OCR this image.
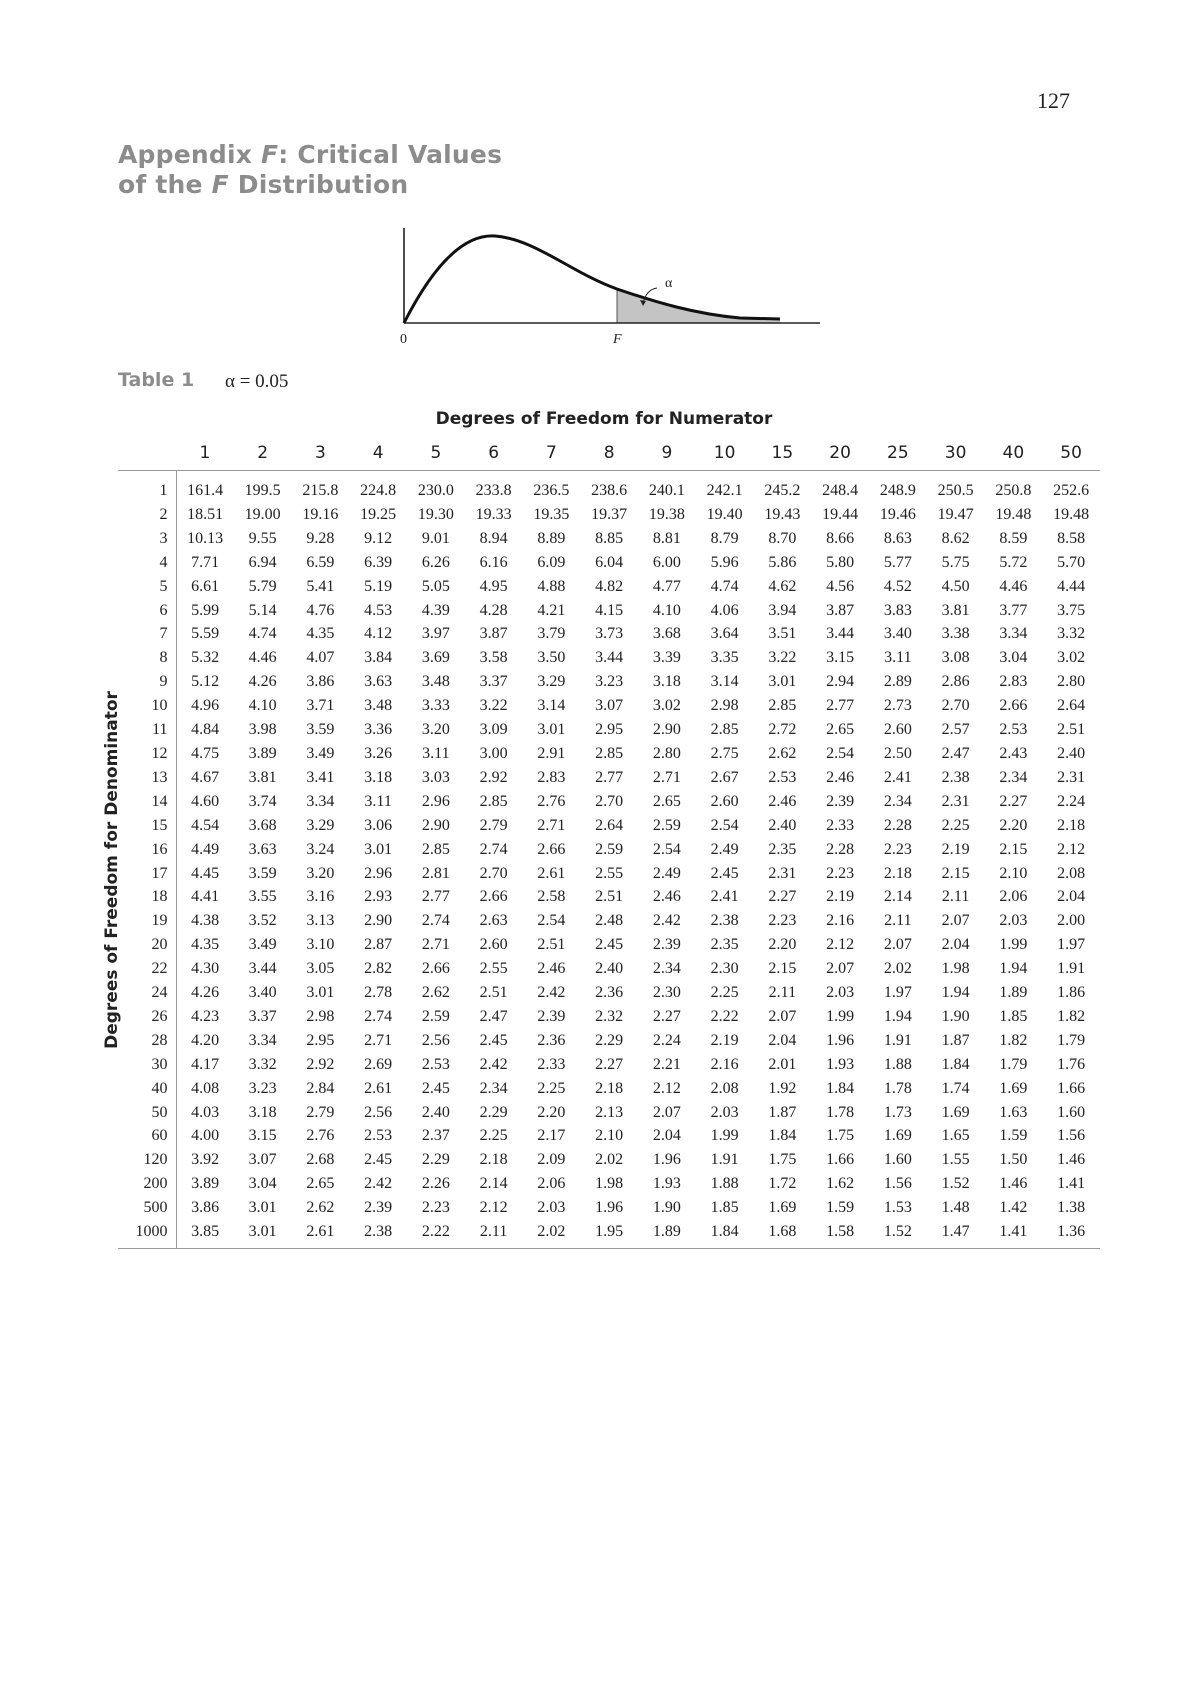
127
Appendix F: Critical Values
of the F Distribution
α
0	F
Table 1 α = 0.05
Degrees of Freedom for Numerator
Degrees of Freedom for Denominator
	1	2	3	4	5	6	7	8	9	10	15	20	25	30	40	50
1	161.4	199.5	215.8	224.8	230.0	233.8	236.5	238.6	240.1	242.1	245.2	248.4	248.9	250.5	250.8	252.6
2	18.51	19.00	19.16	19.25	19.30	19.33	19.35	19.37	19.38	19.40	19.43	19.44	19.46	19.47	19.48	19.48
3	10.13	9.55	9.28	9.12	9.01	8.94	8.89	8.85	8.81	8.79	8.70	8.66	8.63	8.62	8.59	8.58
4	7.71	6.94	6.59	6.39	6.26	6.16	6.09	6.04	6.00	5.96	5.86	5.80	5.77	5.75	5.72	5.70
5	6.61	5.79	5.41	5.19	5.05	4.95	4.88	4.82	4.77	4.74	4.62	4.56	4.52	4.50	4.46	4.44
6	5.99	5.14	4.76	4.53	4.39	4.28	4.21	4.15	4.10	4.06	3.94	3.87	3.83	3.81	3.77	3.75
7	5.59	4.74	4.35	4.12	3.97	3.87	3.79	3.73	3.68	3.64	3.51	3.44	3.40	3.38	3.34	3.32
8	5.32	4.46	4.07	3.84	3.69	3.58	3.50	3.44	3.39	3.35	3.22	3.15	3.11	3.08	3.04	3.02
9	5.12	4.26	3.86	3.63	3.48	3.37	3.29	3.23	3.18	3.14	3.01	2.94	2.89	2.86	2.83	2.80
10	4.96	4.10	3.71	3.48	3.33	3.22	3.14	3.07	3.02	2.98	2.85	2.77	2.73	2.70	2.66	2.64
11	4.84	3.98	3.59	3.36	3.20	3.09	3.01	2.95	2.90	2.85	2.72	2.65	2.60	2.57	2.53	2.51
12	4.75	3.89	3.49	3.26	3.11	3.00	2.91	2.85	2.80	2.75	2.62	2.54	2.50	2.47	2.43	2.40
13	4.67	3.81	3.41	3.18	3.03	2.92	2.83	2.77	2.71	2.67	2.53	2.46	2.41	2.38	2.34	2.31
14	4.60	3.74	3.34	3.11	2.96	2.85	2.76	2.70	2.65	2.60	2.46	2.39	2.34	2.31	2.27	2.24
15	4.54	3.68	3.29	3.06	2.90	2.79	2.71	2.64	2.59	2.54	2.40	2.33	2.28	2.25	2.20	2.18
16	4.49	3.63	3.24	3.01	2.85	2.74	2.66	2.59	2.54	2.49	2.35	2.28	2.23	2.19	2.15	2.12
17	4.45	3.59	3.20	2.96	2.81	2.70	2.61	2.55	2.49	2.45	2.31	2.23	2.18	2.15	2.10	2.08
18	4.41	3.55	3.16	2.93	2.77	2.66	2.58	2.51	2.46	2.41	2.27	2.19	2.14	2.11	2.06	2.04
19	4.38	3.52	3.13	2.90	2.74	2.63	2.54	2.48	2.42	2.38	2.23	2.16	2.11	2.07	2.03	2.00
20	4.35	3.49	3.10	2.87	2.71	2.60	2.51	2.45	2.39	2.35	2.20	2.12	2.07	2.04	1.99	1.97
22	4.30	3.44	3.05	2.82	2.66	2.55	2.46	2.40	2.34	2.30	2.15	2.07	2.02	1.98	1.94	1.91
24	4.26	3.40	3.01	2.78	2.62	2.51	2.42	2.36	2.30	2.25	2.11	2.03	1.97	1.94	1.89	1.86
26	4.23	3.37	2.98	2.74	2.59	2.47	2.39	2.32	2.27	2.22	2.07	1.99	1.94	1.90	1.85	1.82
28	4.20	3.34	2.95	2.71	2.56	2.45	2.36	2.29	2.24	2.19	2.04	1.96	1.91	1.87	1.82	1.79
30	4.17	3.32	2.92	2.69	2.53	2.42	2.33	2.27	2.21	2.16	2.01	1.93	1.88	1.84	1.79	1.76
40	4.08	3.23	2.84	2.61	2.45	2.34	2.25	2.18	2.12	2.08	1.92	1.84	1.78	1.74	1.69	1.66
50	4.03	3.18	2.79	2.56	2.40	2.29	2.20	2.13	2.07	2.03	1.87	1.78	1.73	1.69	1.63	1.60
60	4.00	3.15	2.76	2.53	2.37	2.25	2.17	2.10	2.04	1.99	1.84	1.75	1.69	1.65	1.59	1.56
120	3.92	3.07	2.68	2.45	2.29	2.18	2.09	2.02	1.96	1.91	1.75	1.66	1.60	1.55	1.50	1.46
200	3.89	3.04	2.65	2.42	2.26	2.14	2.06	1.98	1.93	1.88	1.72	1.62	1.56	1.52	1.46	1.41
500	3.86	3.01	2.62	2.39	2.23	2.12	2.03	1.96	1.90	1.85	1.69	1.59	1.53	1.48	1.42	1.38
1000	3.85	3.01	2.61	2.38	2.22	2.11	2.02	1.95	1.89	1.84	1.68	1.58	1.52	1.47	1.41	1.36
